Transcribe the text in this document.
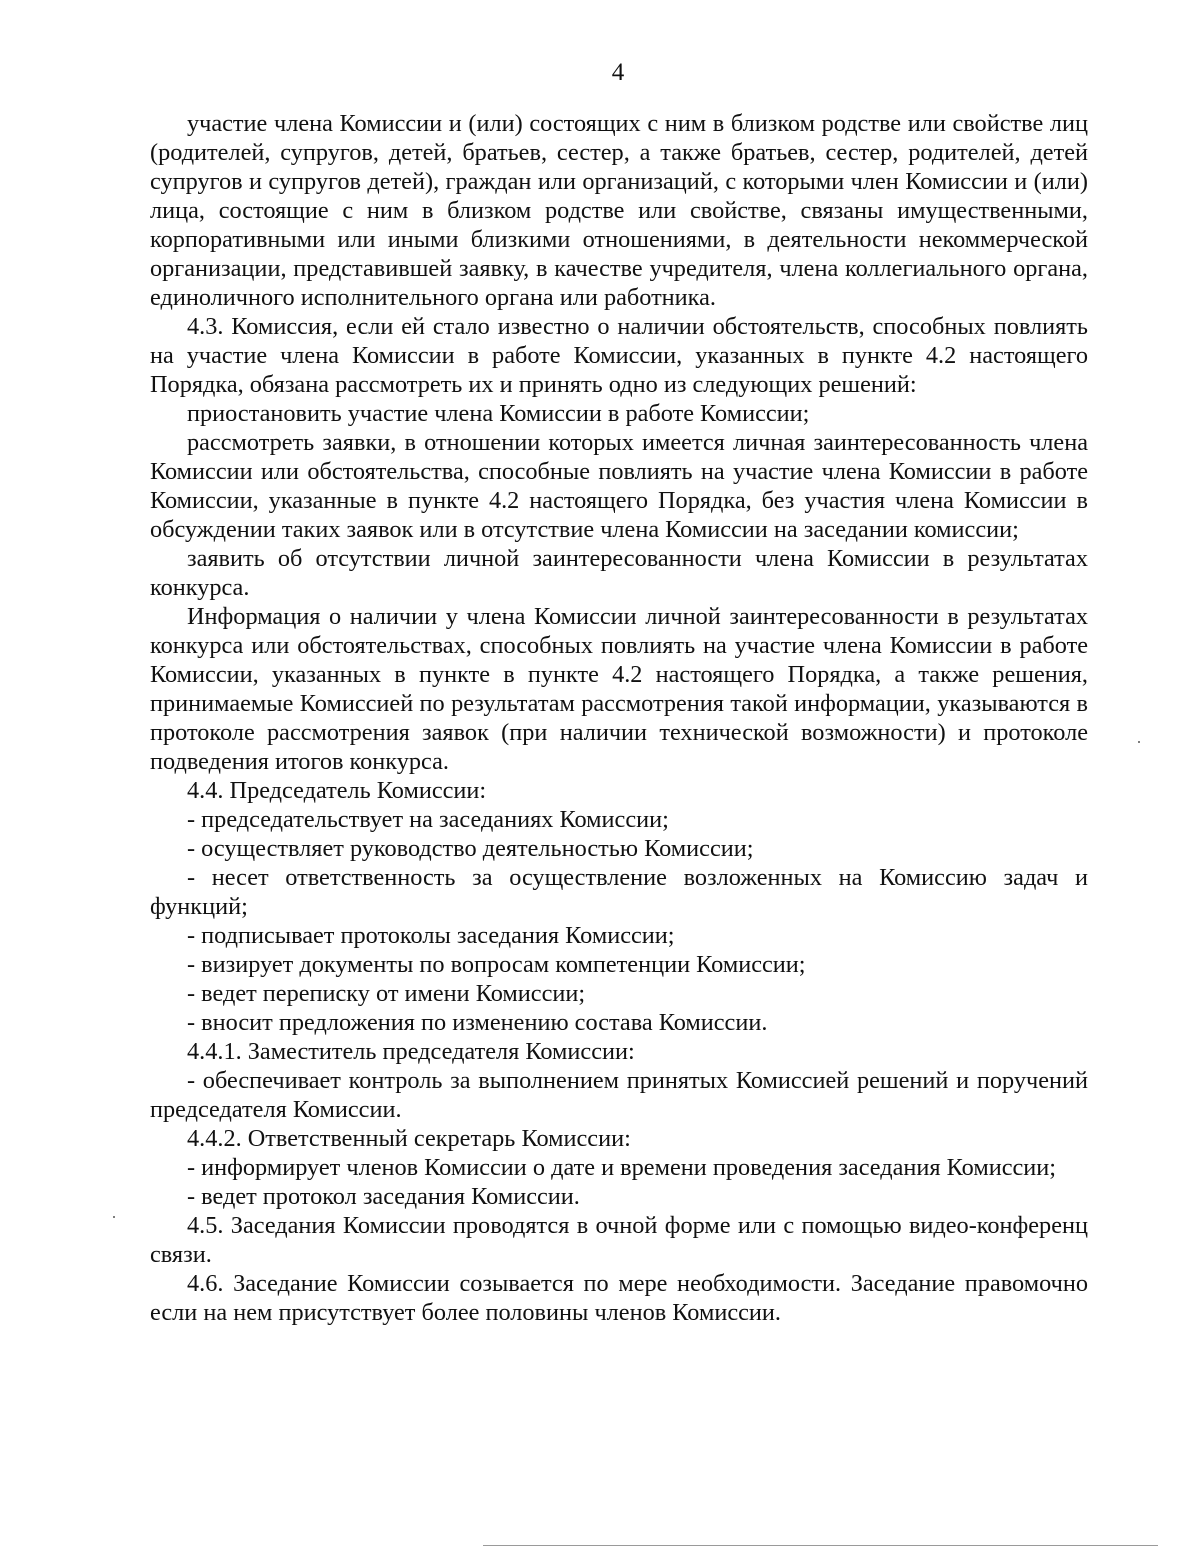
4

участие члена Комиссии и (или) состоящих с ним в близком родстве или свойстве лиц (родителей, супругов, детей, братьев, сестер, а также братьев, сестер, родителей, детей супругов и супругов детей), граждан или организаций, с которыми член Комиссии и (или) лица, состоящие с ним в близком родстве или свойстве, связаны имущественными, корпоративными или иными близкими отношениями, в деятельности некоммерческой организации, представившей заявку, в качестве учредителя, члена коллегиального органа, единоличного исполнительного органа или работника.

4.3. Комиссия, если ей стало известно о наличии обстоятельств, способных повлиять на участие члена Комиссии в работе Комиссии, указанных в пункте 4.2 настоящего Порядка, обязана рассмотреть их и принять одно из следующих решений:

приостановить участие члена Комиссии в работе Комиссии;

рассмотреть заявки, в отношении которых имеется личная заинтересованность члена Комиссии или обстоятельства, способные повлиять на участие члена Комиссии в работе Комиссии, указанные в пункте 4.2 настоящего Порядка, без участия члена Комиссии в обсуждении таких заявок или в отсутствие члена Комиссии на заседании комиссии;

заявить об отсутствии личной заинтересованности члена Комиссии в результатах конкурса.

Информация о наличии у члена Комиссии личной заинтересованности в результатах конкурса или обстоятельствах, способных повлиять на участие члена Комиссии в работе Комиссии, указанных в пункте в пункте 4.2 настоящего Порядка, а также решения, принимаемые Комиссией по результатам рассмотрения такой информации, указываются в протоколе рассмотрения заявок (при наличии технической возможности) и протоколе подведения итогов конкурса.

4.4. Председатель Комиссии:

- председательствует на заседаниях Комиссии;

- осуществляет руководство деятельностью Комиссии;

- несет ответственность за осуществление возложенных на Комиссию задач и функций;

- подписывает протоколы заседания Комиссии;

- визирует документы по вопросам компетенции Комиссии;

- ведет переписку от имени Комиссии;

- вносит предложения по изменению состава Комиссии.

4.4.1. Заместитель председателя Комиссии:

- обеспечивает контроль за выполнением принятых Комиссией решений и поручений председателя Комиссии.

4.4.2. Ответственный секретарь Комиссии:

- информирует членов Комиссии о дате и времени проведения заседания Комиссии;

- ведет протокол заседания Комиссии.

4.5. Заседания Комиссии проводятся в очной форме или с помощью видео-конференц связи.

4.6. Заседание Комиссии созывается по мере необходимости. Заседание правомочно если на нем присутствует более половины членов Комиссии.
